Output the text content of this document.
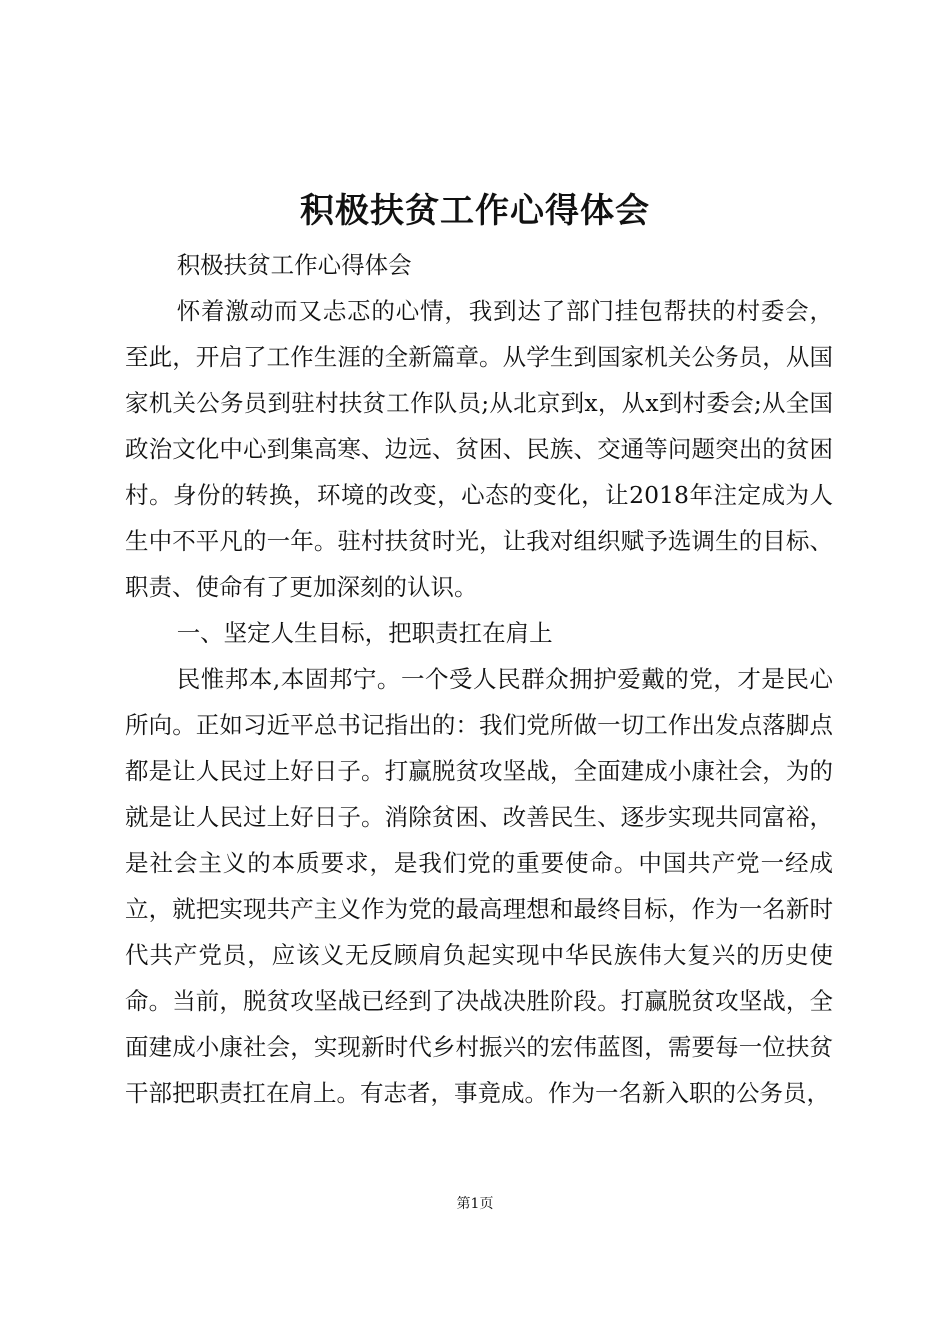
积极扶贫工作心得体会

积极扶贫工作心得体会

怀着激动而又忐忑的心情，我到达了部门挂包帮扶的村委会，至此，开启了工作生涯的全新篇章。从学生到国家机关公务员，从国家机关公务员到驻村扶贫工作队员;从北京到x，从x到村委会;从全国政治文化中心到集高寒、边远、贫困、民族、交通等问题突出的贫困村。身份的转换，环境的改变，心态的变化，让2018年注定成为人生中不平凡的一年。驻村扶贫时光，让我对组织赋予选调生的目标、职责、使命有了更加深刻的认识。

一、坚定人生目标，把职责扛在肩上

民惟邦本,本固邦宁。一个受人民群众拥护爱戴的党，才是民心所向。正如习近平总书记指出的：我们党所做一切工作出发点落脚点都是让人民过上好日子。打赢脱贫攻坚战，全面建成小康社会，为的就是让人民过上好日子。消除贫困、改善民生、逐步实现共同富裕，是社会主义的本质要求，是我们党的重要使命。中国共产党一经成立，就把实现共产主义作为党的最高理想和最终目标，作为一名新时代共产党员，应该义无反顾肩负起实现中华民族伟大复兴的历史使命。当前，脱贫攻坚战已经到了决战决胜阶段。打赢脱贫攻坚战，全面建成小康社会，实现新时代乡村振兴的宏伟蓝图，需要每一位扶贫干部把职责扛在肩上。有志者，事竟成。作为一名新入职的公务员，

第1页
